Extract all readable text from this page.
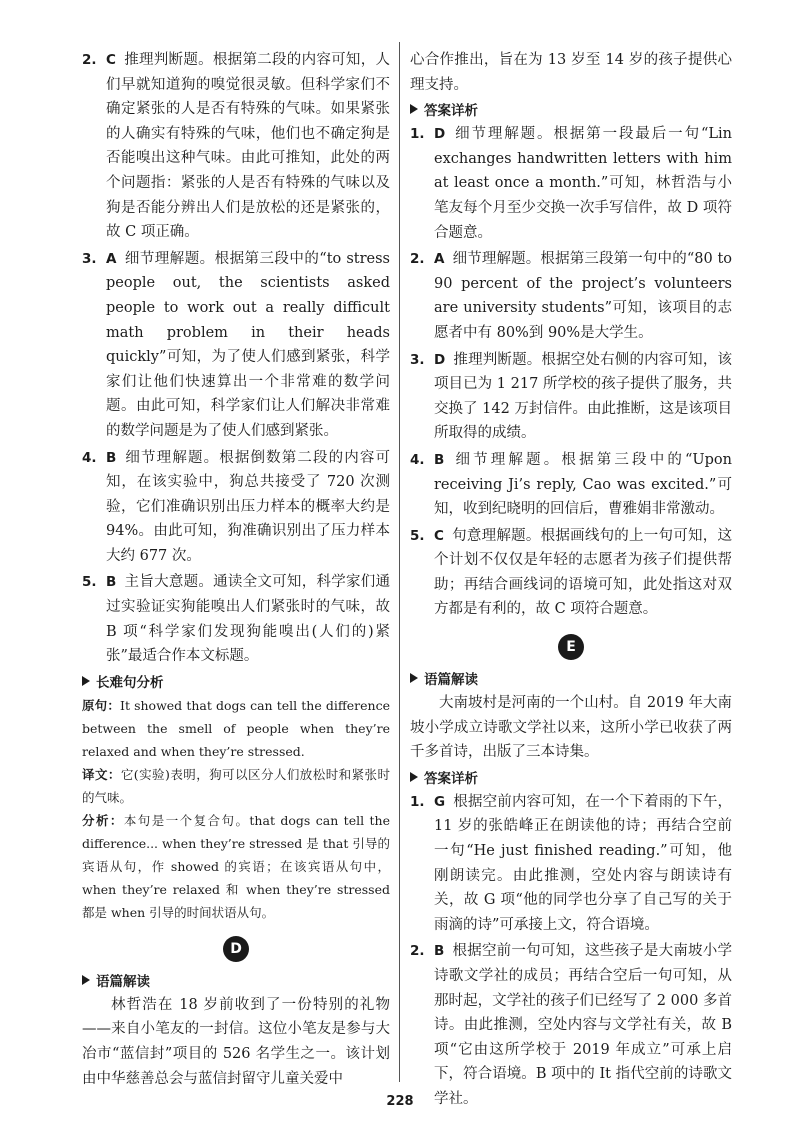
2. C 推理判断题。根据第二段的内容可知，人们早就知道狗的嗅觉很灵敏。但科学家们不确定紧张的人是否有特殊的气味。如果紧张的人确实有特殊的气味，他们也不确定狗是否能嗅出这种气味。由此可推知，此处的两个问题指：紧张的人是否有特殊的气味以及狗是否能分辨出人们是放松的还是紧张的，故 C 项正确。
3. A 细节理解题。根据第三段中的“to stress people out, the scientists asked people to work out a really difficult math problem in their heads quickly”可知，为了使人们感到紧张，科学家们让他们快速算出一个非常难的数学问题。由此可知，科学家们让人们解决非常难的数学问题是为了使人们感到紧张。
4. B 细节理解题。根据倒数第二段的内容可知，在该实验中，狗总共接受了 720 次测验，它们准确识别出压力样本的概率大约是 94%。由此可知，狗准确识别出了压力样本大约 677 次。
5. B 主旨大意题。通读全文可知，科学家们通过实验证实狗能嗅出人们紧张时的气味，故 B 项“科学家们发现狗能嗅出(人们的)紧张”最适合作本文标题。
长难句分析

原句：It showed that dogs can tell the difference between the smell of people when they’re relaxed and when they’re stressed.

译文：它(实验)表明，狗可以区分人们放松时和紧张时的气味。

分析：本句是一个复合句。that dogs can tell the difference... when they’re stressed 是 that 引导的宾语从句，作 showed 的宾语；在该宾语从句中，when they’re relaxed 和 when they’re stressed 都是 when 引导的时间状语从句。

D
语篇解读

林哲浩在 18 岁前收到了一份特别的礼物——来自小笔友的一封信。这位小笔友是参与大冶市“蓝信封”项目的 526 名学生之一。该计划由中华慈善总会与蓝信封留守儿童关爱中

心合作推出，旨在为 13 岁至 14 岁的孩子提供心理支持。

答案详析
1. D 细节理解题。根据第一段最后一句“Lin exchanges handwritten letters with him at least once a month.”可知，林哲浩与小笔友每个月至少交换一次手写信件，故 D 项符合题意。
2. A 细节理解题。根据第三段第一句中的“80 to 90 percent of the project’s volunteers are university students”可知，该项目的志愿者中有 80%到 90%是大学生。
3. D 推理判断题。根据空处右侧的内容可知，该项目已为 1 217 所学校的孩子提供了服务，共交换了 142 万封信件。由此推断，这是该项目所取得的成绩。
4. B 细节理解题。根据第三段中的“Upon receiving Ji’s reply, Cao was excited.”可知，收到纪晓明的回信后，曹雅娟非常激动。
5. C 句意理解题。根据画线句的上一句可知，这个计划不仅仅是年轻的志愿者为孩子们提供帮助；再结合画线词的语境可知，此处指这对双方都是有利的，故 C 项符合题意。
E
语篇解读

大南坡村是河南的一个山村。自 2019 年大南坡小学成立诗歌文学社以来，这所小学已收获了两千多首诗，出版了三本诗集。

答案详析
1. G 根据空前内容可知，在一个下着雨的下午，11 岁的张皓峰正在朗读他的诗；再结合空前一句“He just finished reading.”可知，他刚朗读完。由此推测，空处内容与朗读诗有关，故 G 项“他的同学也分享了自己写的关于雨滴的诗”可承接上文，符合语境。
2. B 根据空前一句可知，这些孩子是大南坡小学诗歌文学社的成员；再结合空后一句可知，从那时起，文学社的孩子们已经写了 2 000 多首诗。由此推测，空处内容与文学社有关，故 B 项“它由这所学校于 2019 年成立”可承上启下，符合语境。B 项中的 It 指代空前的诗歌文学社。
228
